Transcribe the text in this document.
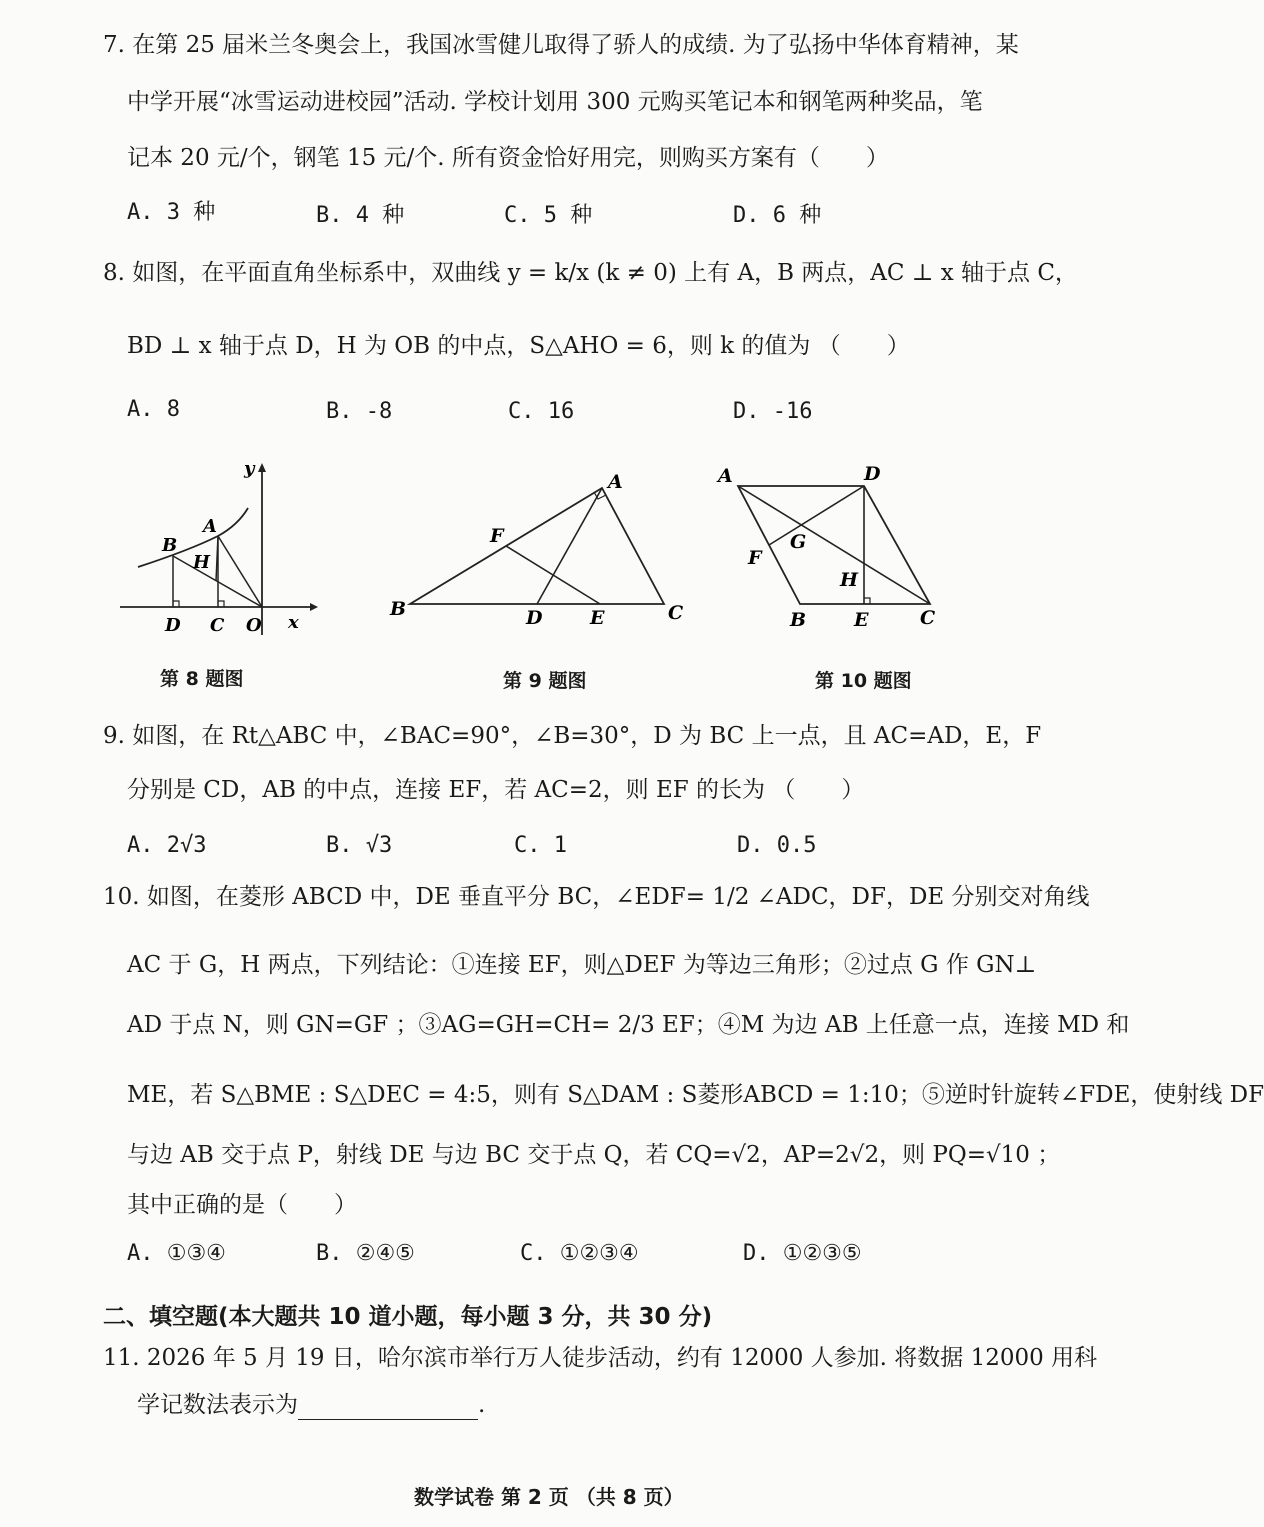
7. 在第 25 届米兰冬奥会上，我国冰雪健儿取得了骄人的成绩. 为了弘扬中华体育精神，某
中学开展“冰雪运动进校园”活动. 学校计划用 300 元购买笔记本和钢笔两种奖品，笔
记本 20 元/个，钢笔 15 元/个. 所有资金恰好用完，则购买方案有（　　）
A. 3 种	B. 4 种	C. 5 种	D. 6 种
8. 如图，在平面直角坐标系中，双曲线 y = k/x (k ≠ 0) 上有 A，B 两点，AC ⊥ x 轴于点 C，
BD ⊥ x 轴于点 D，H 为 OB 的中点，S△AHO = 6，则 k 的值为 （　　）
A. 8	B. -8	C. 16	D. -16
y
A
B
H
D C O x
第 8 题图
A
F
B	D	E	C
第 9 题图
A	D
G
F
H
B	E	C
第 10 题图
9. 如图，在 Rt△ABC 中，∠BAC=90°，∠B=30°，D 为 BC 上一点，且 AC=AD，E，F
分别是 CD，AB 的中点，连接 EF，若 AC=2，则 EF 的长为 （　　）
A. 2√3	B. √3	C. 1	D. 0.5
10. 如图，在菱形 ABCD 中，DE 垂直平分 BC，∠EDF= 1/2 ∠ADC，DF，DE 分别交对角线
AC 于 G，H 两点，下列结论：①连接 EF，则△DEF 为等边三角形；②过点 G 作 GN⊥
AD 于点 N，则 GN=GF ；③AG=GH=CH= 2/3 EF；④M 为边 AB 上任意一点，连接 MD 和
ME，若 S△BME : S△DEC = 4:5，则有 S△DAM : S菱形ABCD = 1:10；⑤逆时针旋转∠FDE，使射线 DF
与边 AB 交于点 P，射线 DE 与边 BC 交于点 Q，若 CQ=√2，AP=2√2，则 PQ=√10 ；
其中正确的是（　　）
A. ①③④	B. ②④⑤	C. ①②③④	D. ①②③⑤
二、填空题(本大题共 10 道小题，每小题 3 分，共 30 分)
11. 2026 年 5 月 19 日，哈尔滨市举行万人徒步活动，约有 12000 人参加. 将数据 12000 用科
学记数法表示为	.
数学试卷 第 2 页 （共 8 页）
